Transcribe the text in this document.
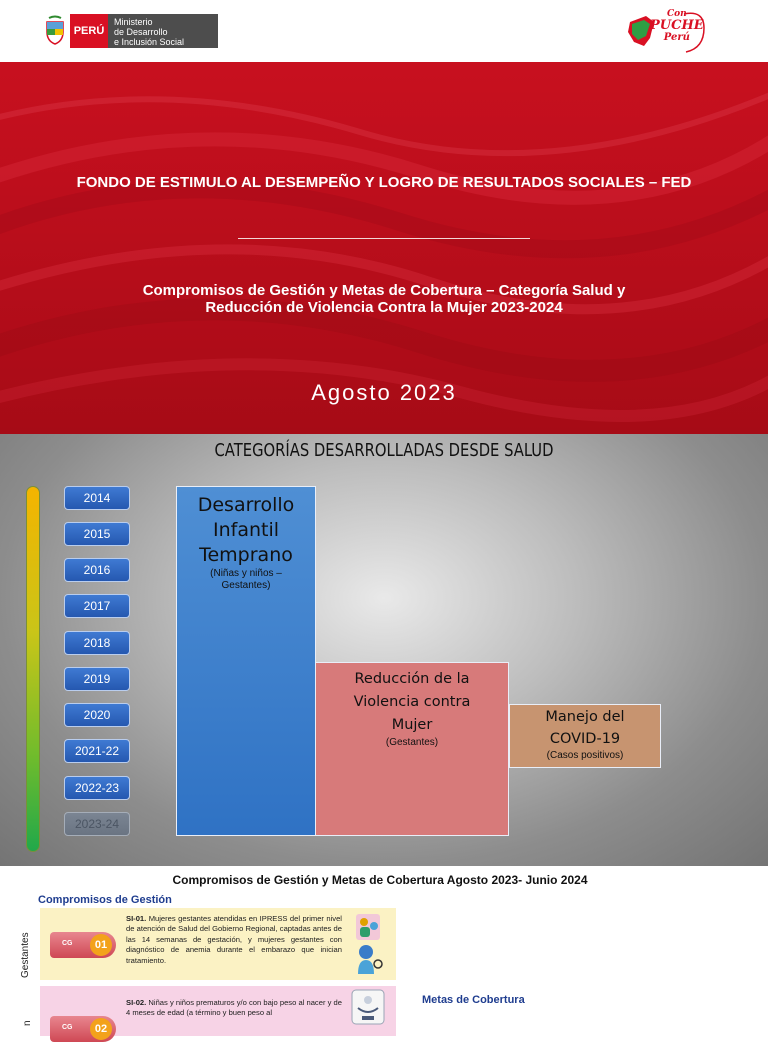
PERÚ
Ministerio
de Desarrollo
e Inclusión Social
Con
PUCHE
Perú
FONDO DE ESTIMULO AL DESEMPEÑO Y LOGRO DE RESULTADOS SOCIALES – FED
Compromisos de Gestión y Metas de Cobertura – Categoría Salud y
Reducción de Violencia Contra la Mujer 2023-2024
Agosto 2023
CATEGORÍAS DESARROLLADAS DESDE SALUD
2014
2015
2016
2017
2018
2019
2020
2021-22
2022-23
2023-24
Desarrollo
Infantil
Temprano
(Niñas y niños –
Gestantes)
Reducción de la
Violencia contra
Mujer
(Gestantes)
Manejo del
COVID-19
(Casos positivos)
Compromisos de Gestión y Metas de Cobertura Agosto 2023- Junio 2024
Compromisos de Gestión
Metas de Cobertura
Gestantes
n
CG	01
SI-01. Mujeres gestantes atendidas en IPRESS del primer nivel de atención de Salud del Gobierno Regional, captadas antes de las 14 semanas de gestación, y mujeres gestantes con diagnóstico de anemia durante el embarazo que inician tratamiento.
CG	02
SI-02. Niñas y niños prematuros y/o con bajo peso al nacer y de 4 meses de edad (a término y buen peso al
